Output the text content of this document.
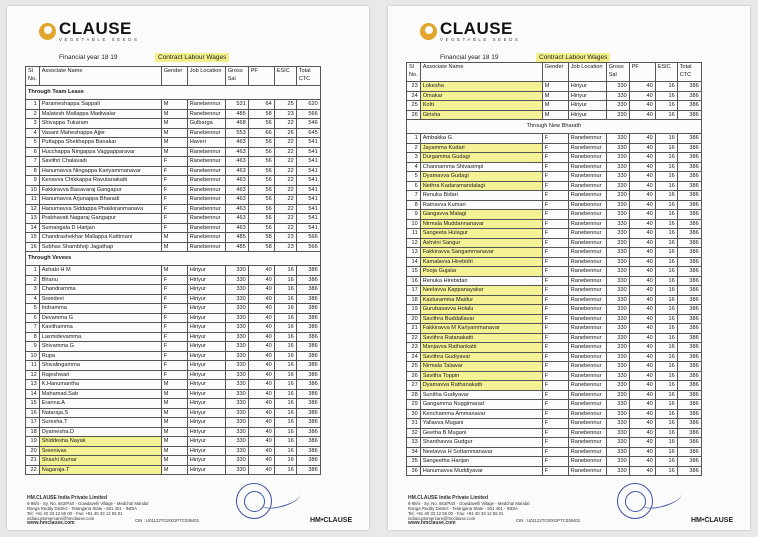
CLAUSE
VEGETABLE SEEDS
Financial year 18 19	Contract Labour Wages
Sl No.	Associate Name	Gender	Job Location	Gross Sal	PF	ESIC	Total CTC
Through Team Lease							
1	Parameshappa Sappali	M	Ranebennur	531	64	25	620
2	Malatesh Mallappa Madiwalar	M	Ranebennur	485	58	23	566
3	Shivappa Tukaram	M	Gulbarga	468	56	22	546
4	Vasant Maheshappa Ajjer	M	Ranebennur	553	66	26	645
5	Puttappa Shekhappa Banakar	M	Haveri	463	56	22	541
6	Hucchappa Ningappa Vaggapparavar	M	Ranebennur	463	56	22	541
7	Savithri Chalavadi	F	Ranebennur	463	56	22	541
8	Hanumavva Ningappa Kariyammanavar	F	Ranebennur	463	56	22	541
9	Kenavva Chikkappa Ravutanakatti	F	Ranebennur	463	56	22	541
10	Fakkiravva Basavaraj Gangapur	F	Ranebennur	463	56	22	541
11	Hanumavva Arjunappa Bharadi	F	Ranebennur	463	56	22	541
12	Hanumavva Siddappa Phakkiranmanava	F	Ranebennur	463	56	22	541
13	Prabhavati Nagaraj Gangapur	F	Ranebennur	463	56	22	541
14	Sumangala D Harijan	F	Ranebennur	463	56	22	541
15	Chandrashekhar Mallappa Kattimani	M	Ranebennur	485	58	23	566
16	Subhas Shambhoji Jagathap	M	Ranebennur	485	58	23	566
Through Vevees							
1	Ashabi H M	M	Hiriyur	330	40	16	386
2	Bhanu	F	Hiriyur	330	40	16	386
3	Chandramma	F	Hiriyur	330	40	16	386
4	Sreedevi	F	Hiriyur	330	40	16	386
5	Indramma	F	Hiriyur	330	40	16	386
6	Devamma G	F	Hiriyur	330	40	16	386
7	Kavithamma	F	Hiriyur	330	40	16	386
8	Laxmidevamma	F	Hiriyur	330	40	16	386
9	Shivamma G	F	Hiriyur	330	40	16	386
10	Rupa	F	Hiriyur	330	40	16	386
11	Shivalingamma	F	Hiriyur	330	40	16	386
12	Rajeshwari	F	Hiriyur	330	40	16	386
13	K.Hanumantha	M	Hiriyur	330	40	16	386
14	Mahamad.Sab	M	Hiriyur	330	40	16	386
15	Eranna.A	M	Hiriyur	330	40	16	386
16	Nataraja.S	M	Hiriyur	330	40	16	386
17	Suresha.T	M	Hiriyur	330	40	16	386
18	Dyamesha.D	M	Hiriyur	330	40	16	386
19	Shiddesha Nayak	M	Hiriyur	330	40	16	386
20	Sreenivas	M	Hiriyur	330	40	16	386
21	Shashi Kumar	M	Hiriyur	330	40	16	386
22	Nagaraja.T	M	Hiriyur	330	40	16	386
HM.CLAUSE India Private Limited
6-98/4 - Sy. No. 563/Part - Gowdavelli Village - Medchal Mandal
Ranga Reddy District - Telangana State - 501 401 - INDIA
Tel: +91 40 33 12 55 00 - Fax: +91 40 33 12 55 01
indiacustomercare@hmclause.com
www.hmclause.com	CIN : U01122TG2001PTC036401	HM•CLAUSE
CLAUSE
VEGETABLE SEEDS
Financial year 18 19	Contract Labour Wages
Sl No.	Associate Name	Gender	Job Location	Gross Sal	PF	ESIC	Total CTC
23	Lokesha	M	Hiriyur	330	40	16	386
24	Omakar	M	Hiriyur	330	40	16	386
25	Kotti	M	Hiriyur	330	40	16	386
26	Girisha	M	Hiriyur	330	40	16	386
Through New Bharath							
1	Ambakka G	F	Ranebennur	330	40	16	386
2	Jayamma Kudari	F	Ranebennur	330	40	16	386
3	Durgamma Gudagi	F	Ranebennur	330	40	16	386
4	Channamma Shivasimpi	F	Ranebennur	330	40	16	386
5	Dyamavva Gudagi	F	Ranebennur	330	40	16	386
6	Nethra Kadaramandalagi	F	Ranebennur	330	40	16	386
7	Renuka Bidari	F	Ranebennur	330	40	16	386
8	Ratnavva Kumari	F	Ranebennur	330	40	16	386
9	Gangavva Malagi	F	Ranebennur	330	40	16	386
10	Nirmala Muddannanavar	F	Ranebennur	330	40	16	386
11	Sangeeta Hulagur	F	Ranebennur	330	40	16	386
12	Ashvini Sangur	F	Ranebennur	330	40	16	386
13	Fakkiravva Sangammanavar	F	Ranebennur	330	40	16	386
14	Kamalavva Hirebidri	F	Ranebennur	330	40	16	386
15	Pooja Gujalar	F	Ranebennur	330	40	16	386
16	Renuka Hirebidari	F	Ranebennur	330	40	16	386
17	Neelavva Kappanayakar	F	Ranebennur	330	40	16	386
18	Kasturamma Maidur	F	Ranebennur	330	40	16	386
19	Gurubasavva Holalu	F	Ranebennur	330	40	16	386
20	Savithra Buddallavar	F	Ranebennur	330	40	16	386
21	Fakkiravva M Kariyammanavar	F	Ranebennur	330	40	16	386
22	Savithra Ratanakatti	F	Ranebennur	330	40	16	386
23	Manjavva Rathankatti	F	Ranebennur	330	40	16	386
24	Savithra Gudiyavar	F	Ranebennur	330	40	16	386
25	Nirmala Talawar	F	Ranebennur	330	40	16	386
26	Savitha Toppin	F	Ranebennur	330	40	16	386
27	Dyamavva Rathanakatti	F	Ranebennur	330	40	16	386
28	Sunitha Gudiyavar	F	Ranebennur	330	40	16	386
29	Gangamma Nuggimarad	F	Ranebennur	330	40	16	386
30	Kenchamma Ammanavar	F	Ranebennur	330	40	16	386
31	Yallavva Mugani	F	Ranebennur	330	40	16	386
32	Geetha B Mugani	F	Ranebennur	330	40	16	386
33	Shanthavva Gudgur	F	Ranebennur	330	40	16	386
34	Neelavva H Sottammanavar	F	Ranebennur	330	40	16	386
35	Sangeetha Harijan	F	Ranebennur	330	40	16	386
36	Hanumavva Muddiyavar	F	Ranebennur	330	40	16	386
HM.CLAUSE India Private Limited
6-98/4 - Sy. No. 563/Part - Gowdavelli Village - Medchal Mandal
Ranga Reddy District - Telangana State - 501 401 - INDIA
Tel: +91 40 33 12 55 00 - Fax: +91 40 33 12 55 01
indiacustomercare@hmclause.com
www.hmclause.com	CIN : U01122TG2001PTC036401	HM•CLAUSE
